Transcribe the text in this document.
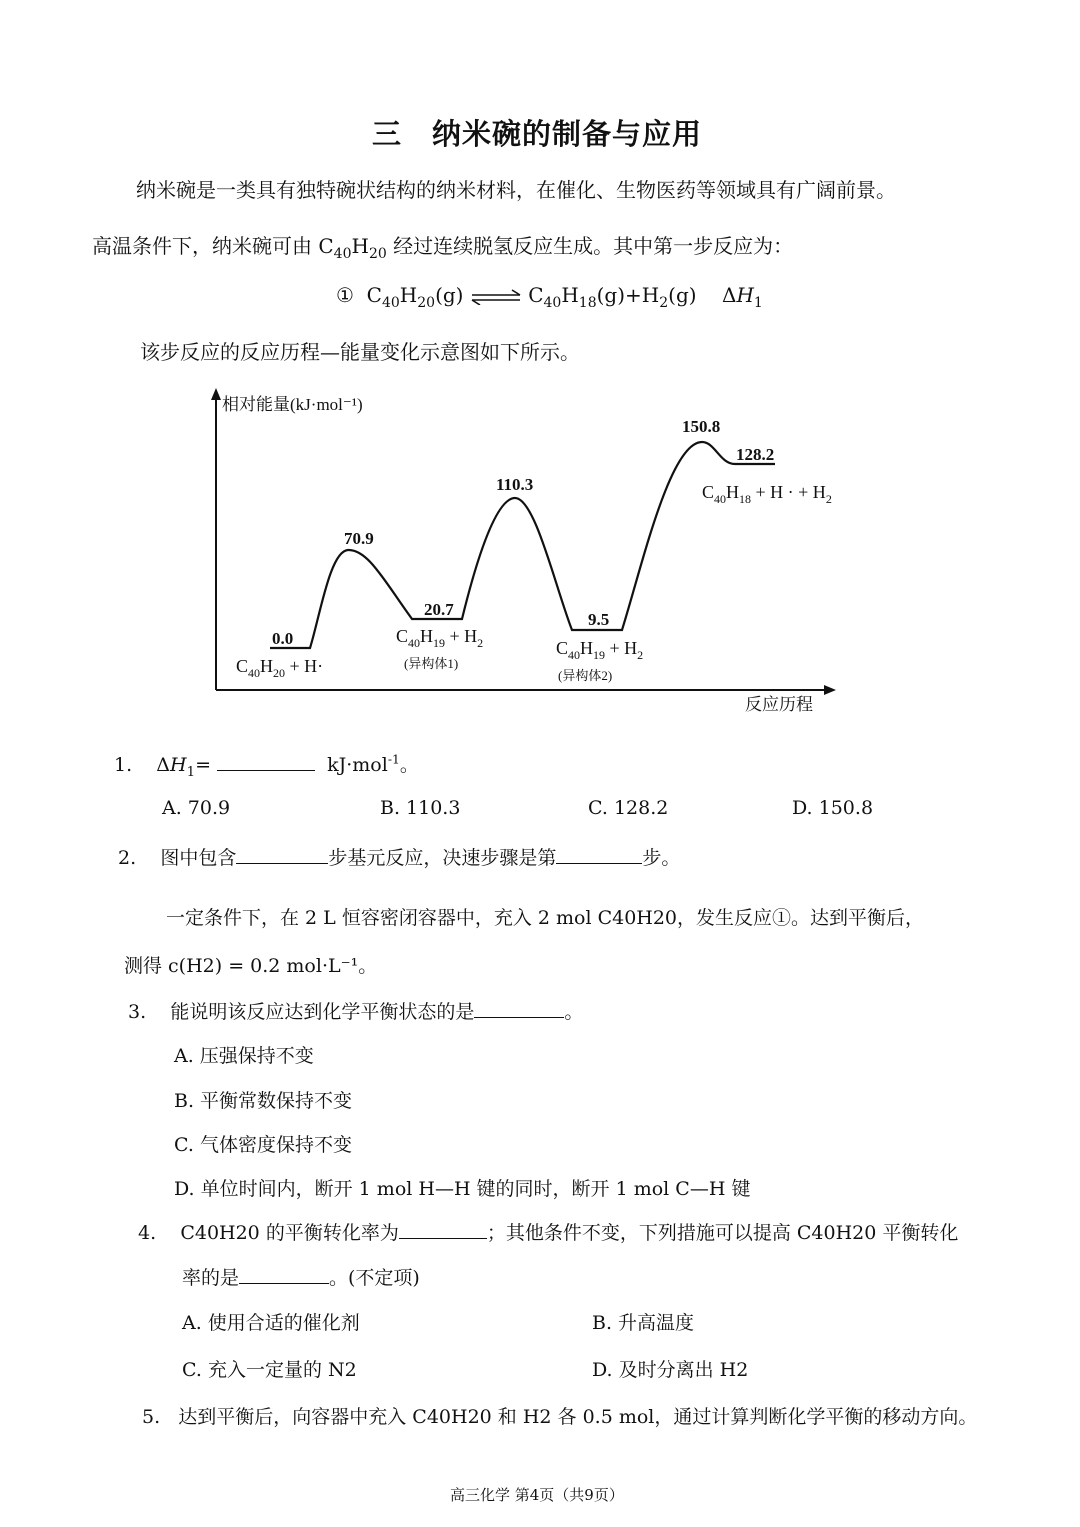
三　纳米碗的制备与应用
纳米碗是一类具有独特碗状结构的纳米材料，在催化、生物医药等领域具有广阔前景。
高温条件下，纳米碗可由 $C_{40}H_{20}$ 经过连续脱氢反应生成。其中第一步反应为：
①  $C_{40}H_{20}(g)$ ⇌ $C_{40}H_{18}(g)+H_2(g)$    $\Delta H_1$
该步反应的反应历程—能量变化示意图如下所示。
相对能量(kJ·mol⁻¹)
反应历程
0.0
70.9
20.7
110.3
9.5
150.8
128.2
$C_{40}H_{20} + H\cdot$
$C_{40}H_{19} + H_2$
(异构体1)
$C_{40}H_{19} + H_2$
(异构体2)
$C_{40}H_{18} + H$ · + $H_2$
1.    $\Delta H_1=$	kJ·mol$^{-1}$。
A. 70.9	B. 110.3	C. 128.2	D. 150.8
2. 图中包含	步基元反应，决速步骤是第	步。
一定条件下，在 2 L 恒容密闭容器中，充入 2 mol C40H20，发生反应①。达到平衡后，
测得 c(H2) = 0.2 mol·L⁻¹。
3. 能说明该反应达到化学平衡状态的是	。
A. 压强保持不变
B. 平衡常数保持不变
C. 气体密度保持不变
D. 单位时间内，断开 1 mol H—H 键的同时，断开 1 mol C—H 键
4. C40H20 的平衡转化率为	；其他条件不变，下列措施可以提高 C40H20 平衡转化
率的是	。(不定项)
A. 使用合适的催化剂	B. 升高温度
C. 充入一定量的 N2	D. 及时分离出 H2
5. 达到平衡后，向容器中充入 C40H20 和 H2 各 0.5 mol，通过计算判断化学平衡的移动方向。
高三化学 第4页（共9页）
